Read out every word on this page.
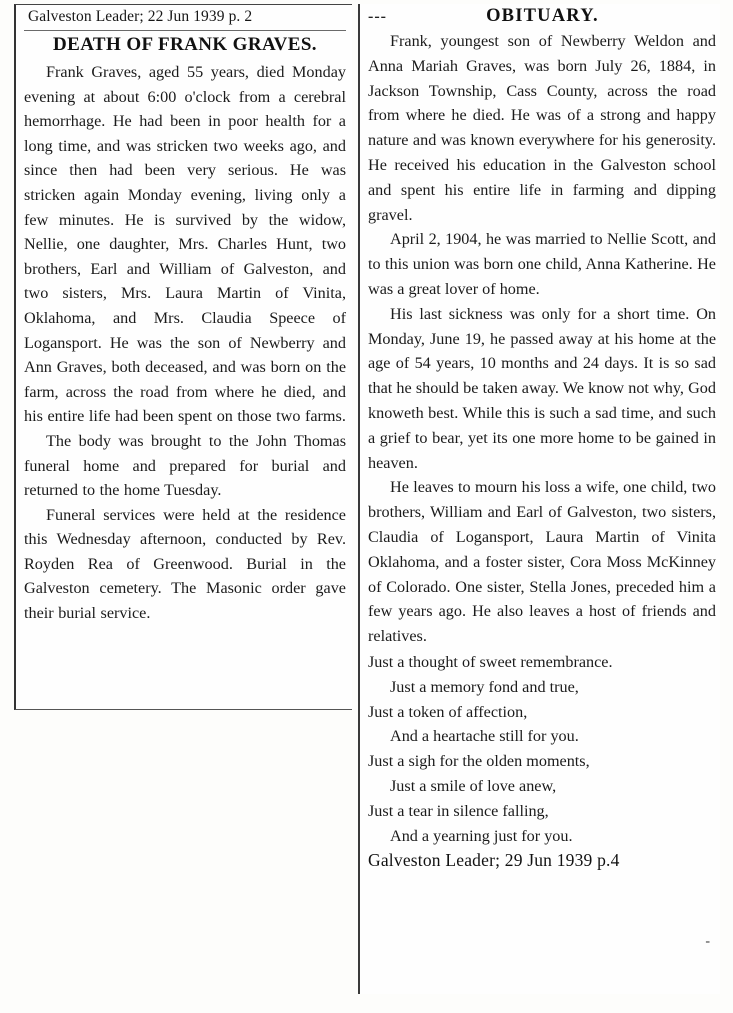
Galveston Leader; 22 Jun 1939 p. 2
DEATH OF FRANK GRAVES.

Frank Graves, aged 55 years, died Monday evening at about 6:00 o'clock from a cerebral hemorrhage. He had been in poor health for a long time, and was stricken two weeks ago, and since then had been very serious. He was stricken again Monday evening, living only a few minutes. He is survived by the widow, Nellie, one daughter, Mrs. Charles Hunt, two brothers, Earl and William of Galveston, and two sisters, Mrs. Laura Martin of Vinita, Oklahoma, and Mrs. Claudia Speece of Logansport. He was the son of Newberry and Ann Graves, both deceased, and was born on the farm, across the road from where he died, and his entire life had been spent on those two farms.

The body was brought to the John Thomas funeral home and prepared for burial and returned to the home Tuesday.

Funeral services were held at the residence this Wednesday afternoon, conducted by Rev. Royden Rea of Greenwood. Burial in the Galveston cemetery. The Masonic order gave their burial service.

---	OBITUARY.

Frank, youngest son of Newberry Weldon and Anna Mariah Graves, was born July 26, 1884, in Jackson Township, Cass County, across the road from where he died. He was of a strong and happy nature and was known everywhere for his generosity. He received his education in the Galveston school and spent his entire life in farming and dipping gravel.

April 2, 1904, he was married to Nellie Scott, and to this union was born one child, Anna Katherine. He was a great lover of home.

His last sickness was only for a short time. On Monday, June 19, he passed away at his home at the age of 54 years, 10 months and 24 days. It is so sad that he should be taken away. We know not why, God knoweth best. While this is such a sad time, and such a grief to bear, yet its one more home to be gained in heaven.

He leaves to mourn his loss a wife, one child, two brothers, William and Earl of Galveston, two sisters, Claudia of Logansport, Laura Martin of Vinita Oklahoma, and a foster sister, Cora Moss McKinney of Colorado. One sister, Stella Jones, preceded him a few years ago. He also leaves a host of friends and relatives.

Just a thought of sweet remembrance.
Just a memory fond and true,
Just a token of affection,
And a heartache still for you.
Just a sigh for the olden moments,
Just a smile of love anew,
Just a tear in silence falling,
And a yearning just for you.
Galveston Leader; 29 Jun 1939 p.4
-
